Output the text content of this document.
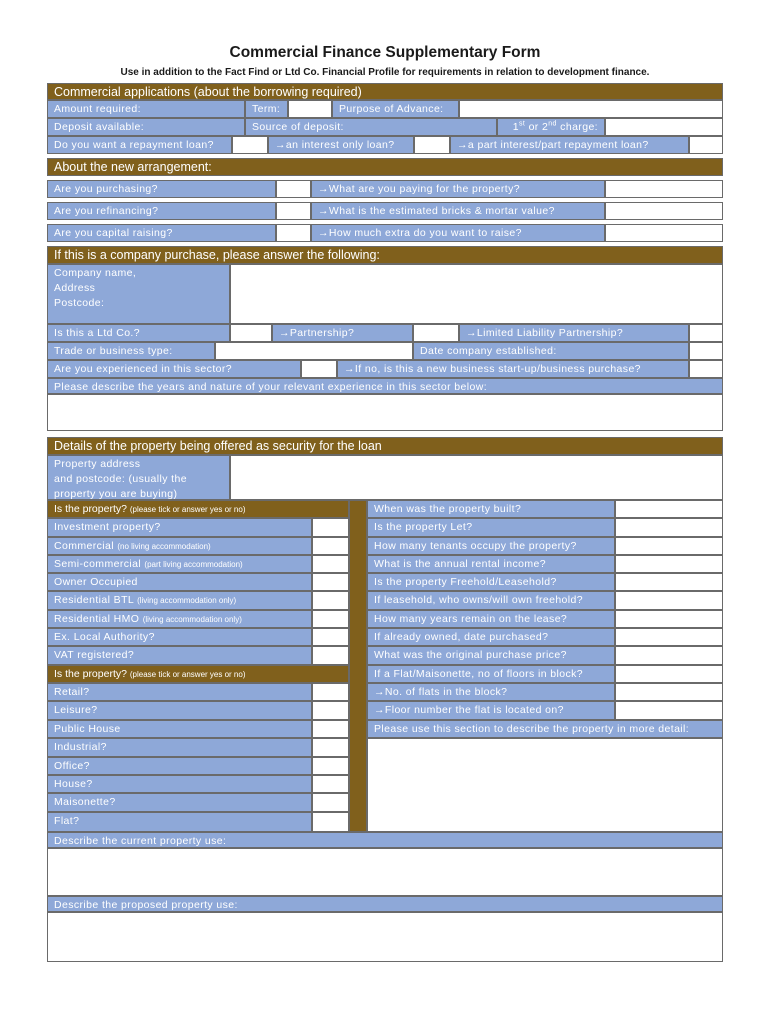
Commercial Finance Supplementary Form
Use in addition to the Fact Find or Ltd Co. Financial Profile for requirements in relation to development finance.
Commercial applications (about the borrowing required)
Amount required:	Term:	Purpose of Advance:
Deposit available:	Source of deposit:	1st or 2nd charge:
Do you want a repayment loan?	→an interest only loan?	→a part interest/part repayment loan?
About the new arrangement:
Are you purchasing?	→What are you paying for the property?
Are you refinancing?	→What is the estimated bricks & mortar value?
Are you capital raising?	→How much extra do you want to raise?
If this is a company purchase, please answer the following:
Company name,
Address
Postcode:
Is this a Ltd Co.?	→Partnership?	→Limited Liability Partnership?
Trade or business type:	Date company established:
Are you experienced in this sector?	→If no, is this a new business start-up/business purchase?
Please describe the years and nature of your relevant experience in this sector below:
Details of the property being offered as security for the loan
Property address
and postcode: (usually the
property you are buying)
Is the property? (please tick or answer yes or no)
Investment property?
Commercial (no living accommodation)
Semi-commercial (part living accommodation)
Owner Occupied
Residential BTL (living accommodation only)
Residential HMO (living accommodation only)
Ex. Local Authority?
VAT registered?
Is the property? (please tick or answer yes or no)
Retail?
Leisure?
Public House
Industrial?
Office?
House?
Maisonette?
Flat?
When was the property built?
Is the property Let?
How many tenants occupy the property?
What is the annual rental income?
Is the property Freehold/Leasehold?
If leasehold, who owns/will own freehold?
How many years remain on the lease?
If already owned, date purchased?
What was the original purchase price?
If a Flat/Maisonette, no of floors in block?
→No. of flats in the block?
→Floor number the flat is located on?
Please use this section to describe the property in more detail:
Describe the current property use:
Describe the proposed property use:
